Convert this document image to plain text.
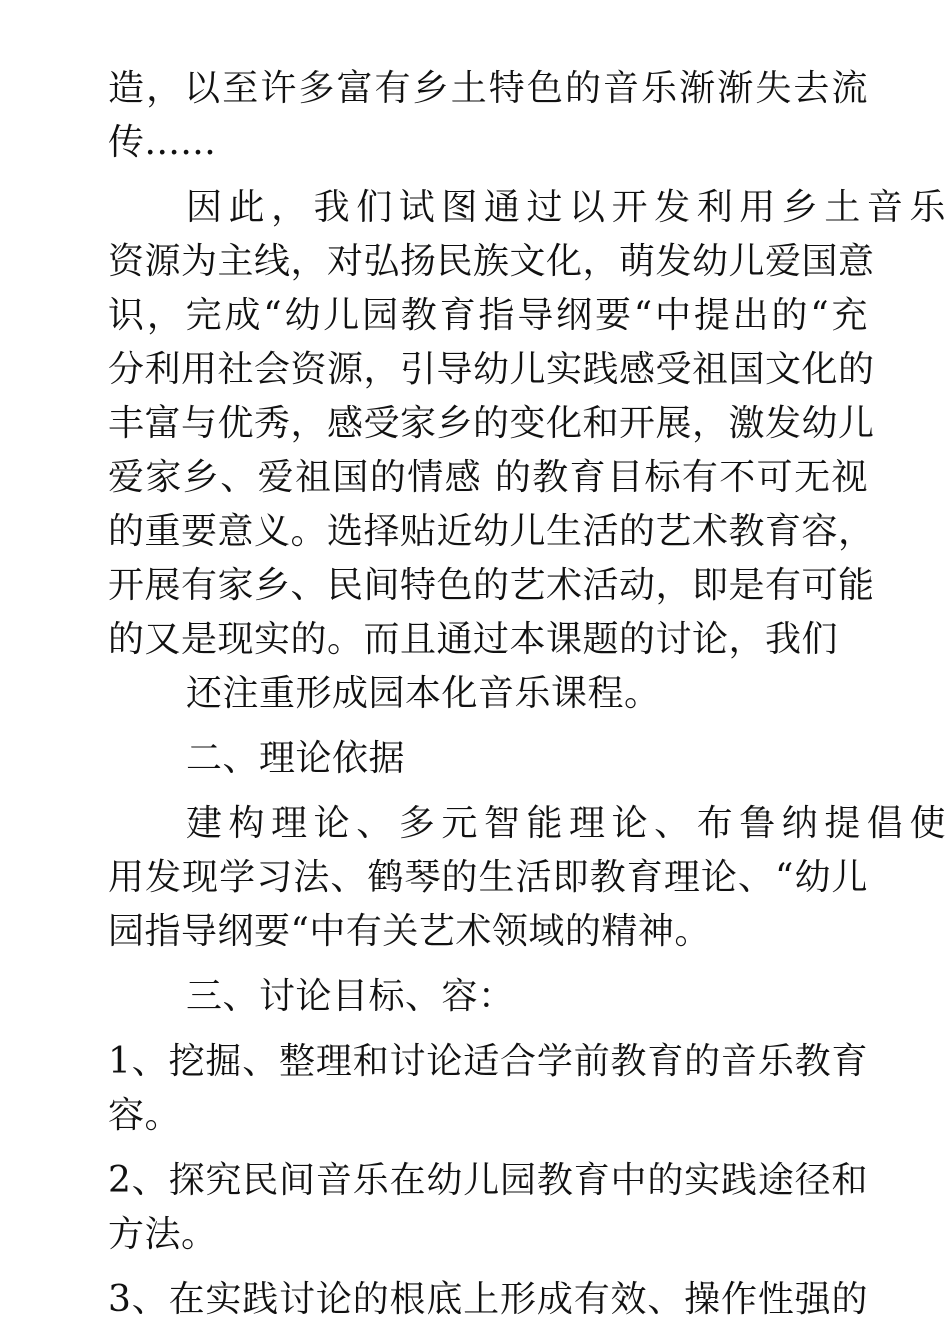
造，以至许多富有乡土特色的音乐渐渐失去流
传......
因此，我们试图通过以开发利用乡土音乐
资源为主线，对弘扬民族文化，萌发幼儿爱国意
识，完成“幼儿园教育指导纲要“中提出的“充
分利用社会资源，引导幼儿实践感受祖国文化的
丰富与优秀，感受家乡的变化和开展，激发幼儿
爱家乡、爱祖国的情感 的教育目标有不可无视
的重要意义。选择贴近幼儿生活的艺术教育容，
开展有家乡、民间特色的艺术活动，即是有可能
的又是现实的。而且通过本课题的讨论，我们
还注重形成园本化音乐课程。
二、理论依据
建构理论、多元智能理论、布鲁纳提倡使
用发现学习法、鹤琴的生活即教育理论、“幼儿
园指导纲要“中有关艺术领域的精神。
三、讨论目标、容：
1、挖掘、整理和讨论适合学前教育的音乐教育
容。
2、探究民间音乐在幼儿园教育中的实践途径和
方法。
3、在实践讨论的根底上形成有效、操作性强的
